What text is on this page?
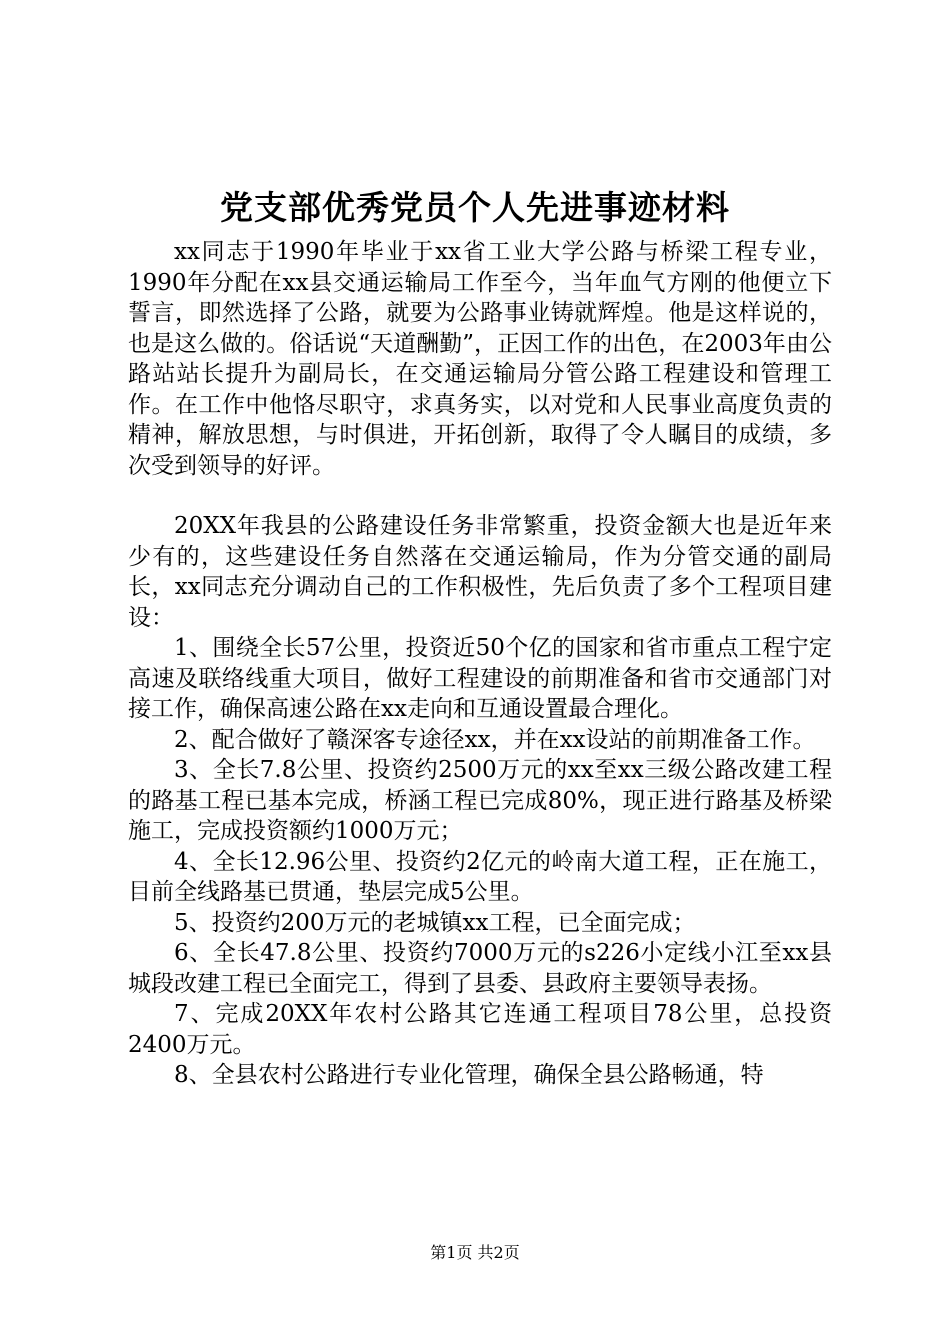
党支部优秀党员个人先进事迹材料

xx同志于1990年毕业于xx省工业大学公路与桥梁工程专业，1990年分配在xx县交通运输局工作至今，当年血气方刚的他便立下誓言，即然选择了公路，就要为公路事业铸就辉煌。他是这样说的，也是这么做的。俗话说“天道酬勤”，正因工作的出色，在2003年由公路站站长提升为副局长，在交通运输局分管公路工程建设和管理工作。在工作中他恪尽职守，求真务实，以对党和人民事业高度负责的精神，解放思想，与时俱进，开拓创新，取得了令人瞩目的成绩，多次受到领导的好评。

20XX年我县的公路建设任务非常繁重，投资金额大也是近年来少有的，这些建设任务自然落在交通运输局，作为分管交通的副局长，xx同志充分调动自己的工作积极性，先后负责了多个工程项目建设：

1、围绕全长57公里，投资近50个亿的国家和省市重点工程宁定高速及联络线重大项目，做好工程建设的前期准备和省市交通部门对接工作，确保高速公路在xx走向和互通设置最合理化。

2、配合做好了赣深客专途径xx，并在xx设站的前期准备工作。

3、全长7.8公里、投资约2500万元的xx至xx三级公路改建工程的路基工程已基本完成，桥涵工程已完成80%，现正进行路基及桥梁施工，完成投资额约1000万元；

4、全长12.96公里、投资约2亿元的岭南大道工程，正在施工，目前全线路基已贯通，垫层完成5公里。

5、投资约200万元的老城镇xx工程，已全面完成；

6、全长47.8公里、投资约7000万元的s226小定线小江至xx县城段改建工程已全面完工，得到了县委、县政府主要领导表扬。

7、完成20XX年农村公路其它连通工程项目78公里，总投资2400万元。

8、全县农村公路进行专业化管理，确保全县公路畅通，特

第1页 共2页
